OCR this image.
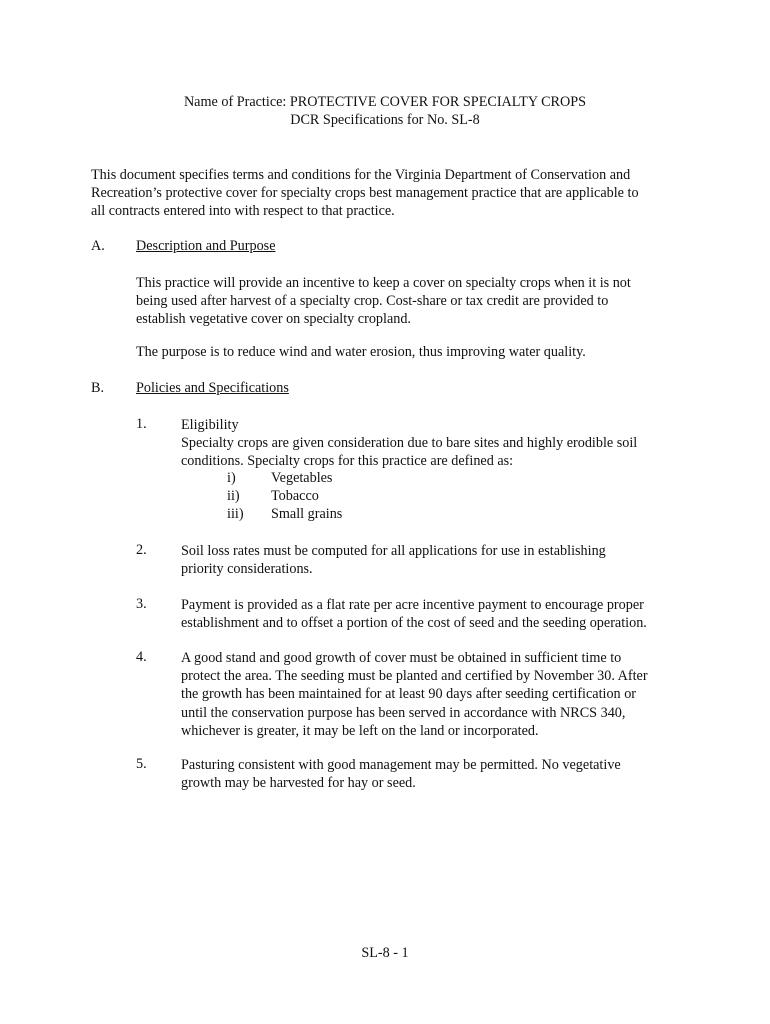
Name of Practice: PROTECTIVE COVER FOR SPECIALTY CROPS
DCR Specifications for No. SL-8
This document specifies terms and conditions for the Virginia Department of Conservation and
Recreation’s protective cover for specialty crops best management practice that are applicable to
all contracts entered into with respect to that practice.
A. Description and Purpose
This practice will provide an incentive to keep a cover on specialty crops when it is not
being used after harvest of a specialty crop. Cost-share or tax credit are provided to
establish vegetative cover on specialty cropland.
The purpose is to reduce wind and water erosion, thus improving water quality.
B. Policies and Specifications
1. Eligibility
Specialty crops are given consideration due to bare sites and highly erodible soil
conditions. Specialty crops for this practice are defined as:
i) Vegetables
ii) Tobacco
iii) Small grains
2. Soil loss rates must be computed for all applications for use in establishing
priority considerations.
3. Payment is provided as a flat rate per acre incentive payment to encourage proper
establishment and to offset a portion of the cost of seed and the seeding operation.
4. A good stand and good growth of cover must be obtained in sufficient time to
protect the area. The seeding must be planted and certified by November 30. After
the growth has been maintained for at least 90 days after seeding certification or
until the conservation purpose has been served in accordance with NRCS 340,
whichever is greater, it may be left on the land or incorporated.
5. Pasturing consistent with good management may be permitted. No vegetative
growth may be harvested for hay or seed.
SL-8 - 1
